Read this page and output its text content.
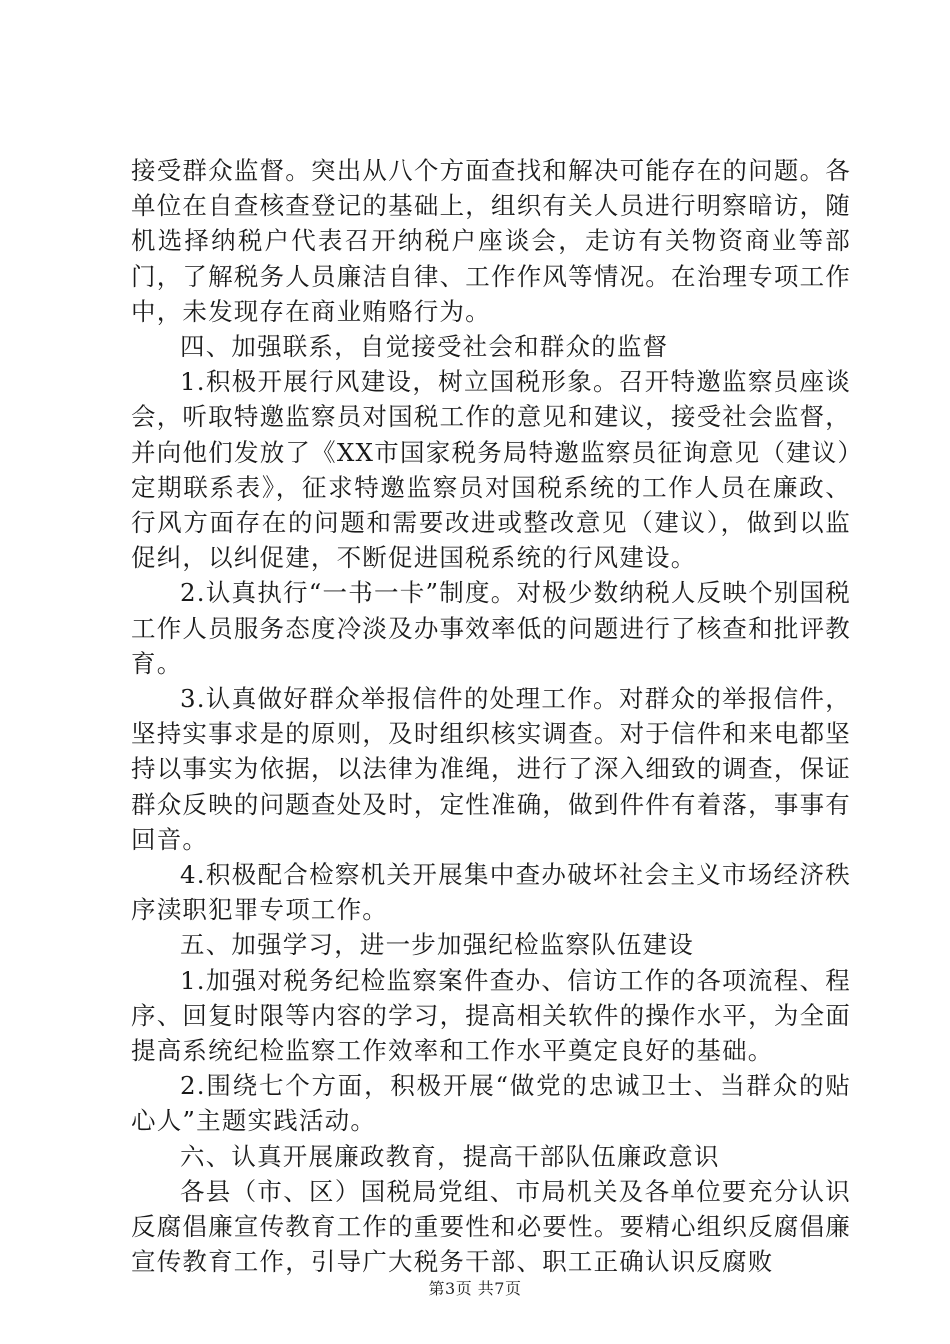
接受群众监督。突出从八个方面查找和解决可能存在的问题。各单位在自查核查登记的基础上，组织有关人员进行明察暗访，随机选择纳税户代表召开纳税户座谈会，走访有关物资商业等部门，了解税务人员廉洁自律、工作作风等情况。在治理专项工作中，未发现存在商业贿赂行为。

四、加强联系，自觉接受社会和群众的监督

1.积极开展行风建设，树立国税形象。召开特邀监察员座谈会，听取特邀监察员对国税工作的意见和建议，接受社会监督，并向他们发放了《XX市国家税务局特邀监察员征询意见（建议）定期联系表》，征求特邀监察员对国税系统的工作人员在廉政、行风方面存在的问题和需要改进或整改意见（建议），做到以监促纠，以纠促建，不断促进国税系统的行风建设。

2.认真执行“一书一卡”制度。对极少数纳税人反映个别国税工作人员服务态度冷淡及办事效率低的问题进行了核查和批评教育。

3.认真做好群众举报信件的处理工作。对群众的举报信件，坚持实事求是的原则，及时组织核实调查。对于信件和来电都坚持以事实为依据，以法律为准绳，进行了深入细致的调查，保证群众反映的问题查处及时，定性准确，做到件件有着落，事事有回音。

4.积极配合检察机关开展集中查办破坏社会主义市场经济秩序渎职犯罪专项工作。

五、加强学习，进一步加强纪检监察队伍建设

1.加强对税务纪检监察案件查办、信访工作的各项流程、程序、回复时限等内容的学习，提高相关软件的操作水平，为全面提高系统纪检监察工作效率和工作水平奠定良好的基础。

2.围绕七个方面，积极开展“做党的忠诚卫士、当群众的贴心人”主题实践活动。

六、认真开展廉政教育，提高干部队伍廉政意识

各县（市、区）国税局党组、市局机关及各单位要充分认识反腐倡廉宣传教育工作的重要性和必要性。要精心组织反腐倡廉宣传教育工作，引导广大税务干部、职工正确认识反腐败

第3页 共7页
